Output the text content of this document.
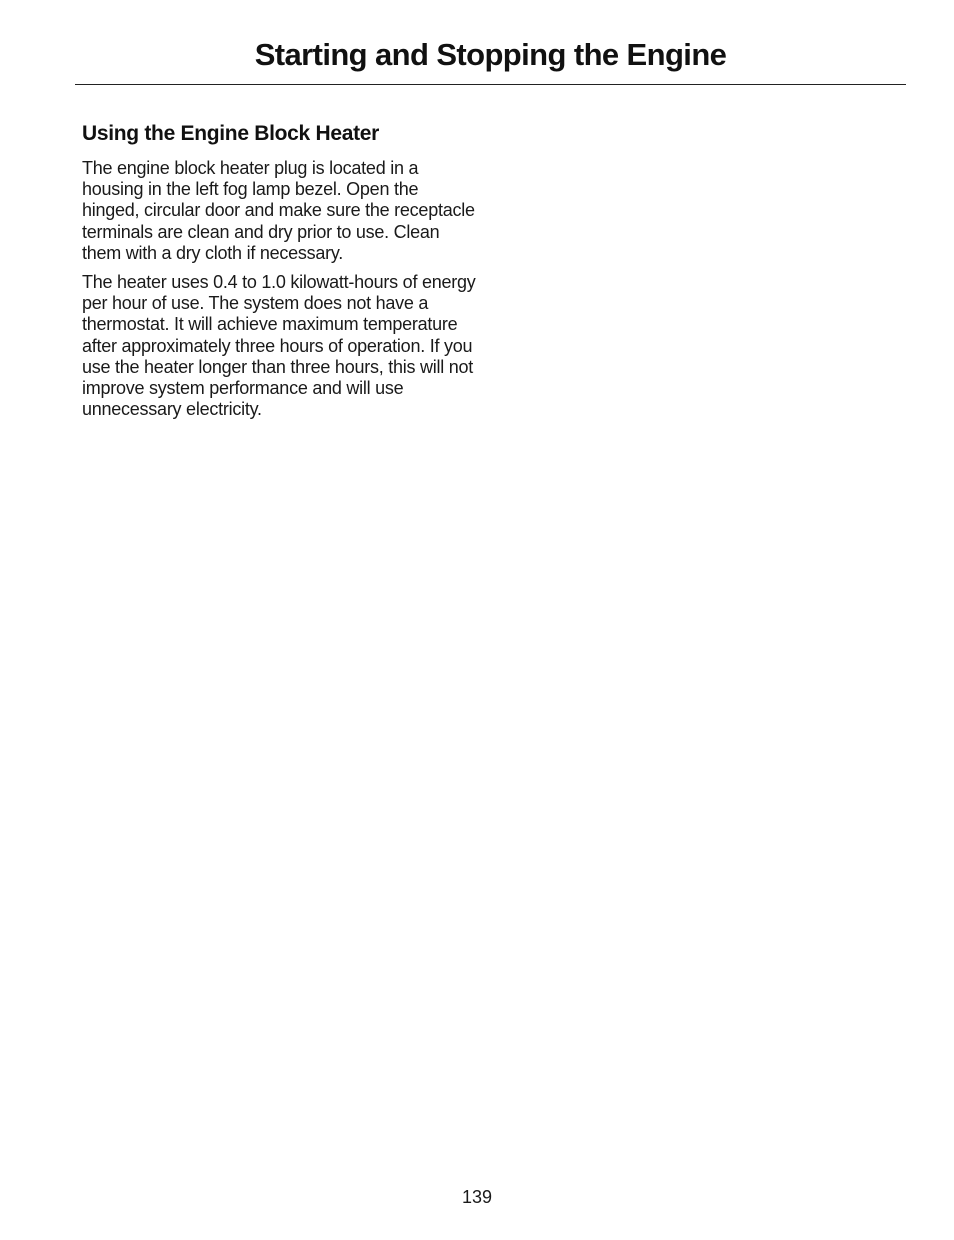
Starting and Stopping the Engine
Using the Engine Block Heater

The engine block heater plug is located in a housing in the left fog lamp bezel. Open the hinged, circular door and make sure the receptacle terminals are clean and dry prior to use. Clean them with a dry cloth if necessary.

The heater uses 0.4 to 1.0 kilowatt-hours of energy per hour of use. The system does not have a thermostat. It will achieve maximum temperature after approximately three hours of operation. If you use the heater longer than three hours, this will not improve system performance and will use unnecessary electricity.

139
